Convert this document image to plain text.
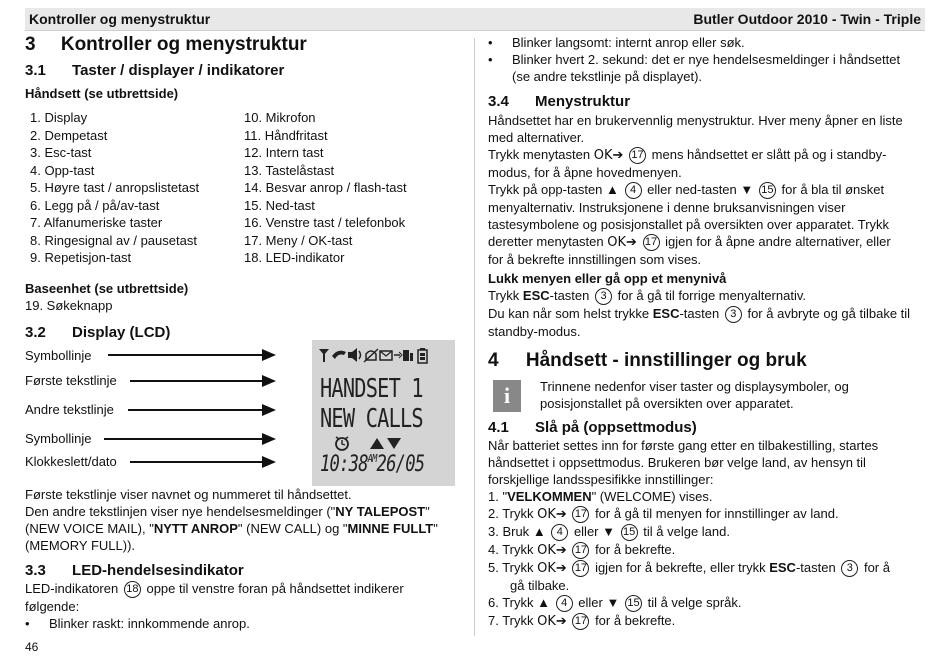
Kontroller og menystruktur	Butler Outdoor 2010 - Twin - Triple
3 Kontroller og menystruktur
3.1 Taster / displayer / indikatorer
Håndsett (se utbrettside)
1. Display
2. Dempetast
3. Esc-tast
4. Opp-tast
5. Høyre tast / anropslistetast
6. Legg på / på/av-tast
7. Alfanumeriske taster
8. Ringesignal av / pausetast
9. Repetisjon-tast
10. Mikrofon
11. Håndfritast
12. Intern tast
13. Tastelåstast
14. Besvar anrop / flash-tast
15. Ned-tast
16. Venstre tast / telefonbok
17. Meny / OK-tast
18. LED-indikator
Baseenhet (se utbrettside)
19. Søkeknapp
3.2 Display (LCD)
Symbollinje
Første tekstlinje
Andre tekstlinje
Symbollinje
Klokkeslett/dato
HANDSET 1
NEW CALLS
$10:38^{AM}26/05$
Første tekstlinje viser navnet og nummeret til håndsettet.
Den andre tekstlinjen viser nye hendelsesmeldinger ("NY TALEPOST"
(NEW VOICE MAIL), "NYTT ANROP" (NEW CALL) og "MINNE FULLT"
(MEMORY FULL)).
3.3 LED-hendelsesindikator
LED-indikatoren 18 oppe til venstre foran på håndsettet indikerer
følgende:
• Blinker raskt: innkommende anrop.
46
• Blinker langsomt: internt anrop eller søk.
• Blinker hvert 2. sekund: det er nye hendelsesmeldinger i håndsettet
(se andre tekstlinje på displayet).
3.4 Menystruktur
Håndsettet har en brukervennlig menystruktur. Hver meny åpner en liste
med alternativer.
Trykk menytasten OK➔ 17 mens håndsettet er slått på og i standby-
modus, for å åpne hovedmenyen.
Trykk på opp-tasten ▲ 4 eller ned-tasten ▼ 15 for å bla til ønsket
menyalternativ. Instruksjonene i denne bruksanvisningen viser
tastesymbolene og posisjonstallet på oversikten over apparatet. Trykk
deretter menytasten OK➔ 17 igjen for å åpne andre alternativer, eller
for å bekrefte innstillingen som vises.
Lukk menyen eller gå opp et menynivå
Trykk ESC-tasten 3 for å gå til forrige menyalternativ.
Du kan når som helst trykke ESC-tasten 3 for å avbryte og gå tilbake til
standby-modus.
4 Håndsett - innstillinger og bruk
i	Trinnene nedenfor viser taster og displaysymboler, og
posisjonstallet på oversikten over apparatet.
4.1 Slå på (oppsettmodus)
Når batteriet settes inn for første gang etter en tilbakestilling, startes
håndsettet i oppsettmodus. Brukeren bør velge land, av hensyn til
forskjellige landsspesifikke innstillinger:
1. "VELKOMMEN" (WELCOME) vises.
2. Trykk OK➔ 17 for å gå til menyen for innstillinger av land.
3. Bruk ▲ 4 eller ▼ 15 til å velge land.
4. Trykk OK➔ 17 for å bekrefte.
5. Trykk OK➔ 17 igjen for å bekrefte, eller trykk ESC-tasten 3 for å
gå tilbake.
6. Trykk ▲ 4 eller ▼ 15 til å velge språk.
7. Trykk OK➔ 17 for å bekrefte.
